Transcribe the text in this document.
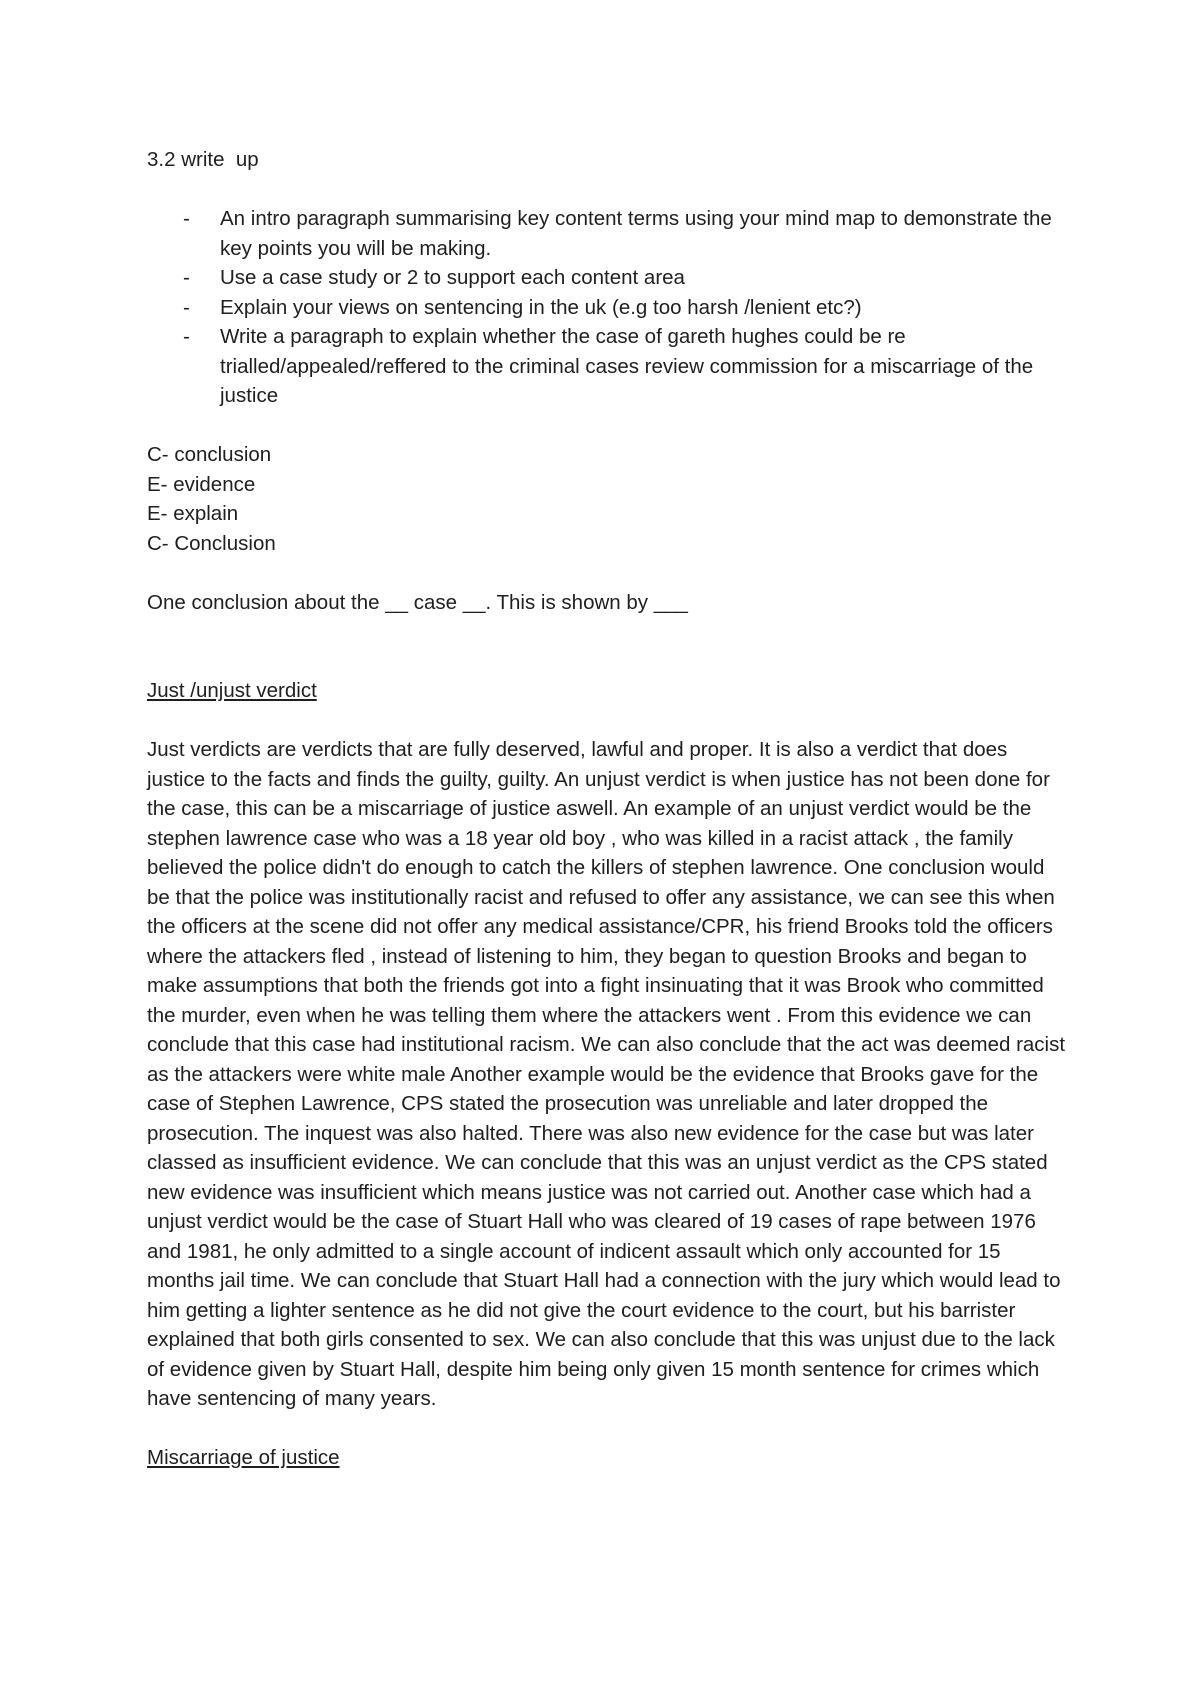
3.2 write  up

- An intro paragraph summarising key content terms using your mind map to demonstrate the key points you will be making.
- Use a case study or 2 to support each content area
- Explain your views on sentencing in the uk (e.g too harsh /lenient etc?)
- Write a paragraph to explain whether the case of gareth hughes could be re trialled/appealed/reffered to the criminal cases review commission for a miscarriage of the justice

C- conclusion

E- evidence

E- explain

C- Conclusion

One conclusion about the __ case __. This is shown by ___

Just /unjust verdict

Just verdicts are verdicts that are fully deserved, lawful and proper. It is also a verdict that does justice to the facts and finds the guilty, guilty. An unjust verdict is when justice has not been done for the case, this can be a miscarriage of justice aswell. An example of an unjust verdict would be the stephen lawrence case who was a 18 year old boy , who was killed in a racist attack , the family believed the police didn't do enough to catch the killers of stephen lawrence. One conclusion would be that the police was institutionally racist and refused to offer any assistance, we can see this when the officers at the scene did not offer any medical assistance/CPR, his friend Brooks told the officers where the attackers fled , instead of listening to him, they began to question Brooks and began to make assumptions that both the friends got into a fight insinuating that it was Brook who committed the murder, even when he was telling them where the attackers went . From this evidence we can conclude that this case had institutional racism. We can also conclude that the act was deemed racist as the attackers were white male Another example would be the evidence that Brooks gave for the case of Stephen Lawrence, CPS stated the prosecution was unreliable and later dropped the prosecution. The inquest was also halted. There was also new evidence for the case but was later classed as insufficient evidence. We can conclude that this was an unjust verdict as the CPS stated new evidence was insufficient which means justice was not carried out. Another case which had a unjust verdict would be the case of Stuart Hall who was cleared of 19 cases of rape between 1976 and 1981, he only admitted to a single account of indicent assault which only accounted for 15 months jail time. We can conclude that Stuart Hall had a connection with the jury which would lead to him getting a lighter sentence as he did not give the court evidence to the court, but his barrister explained that both girls consented to sex. We can also conclude that this was unjust due to the lack of evidence given by Stuart Hall, despite him being only given 15 month sentence for crimes which have sentencing of many years.

Miscarriage of justice
